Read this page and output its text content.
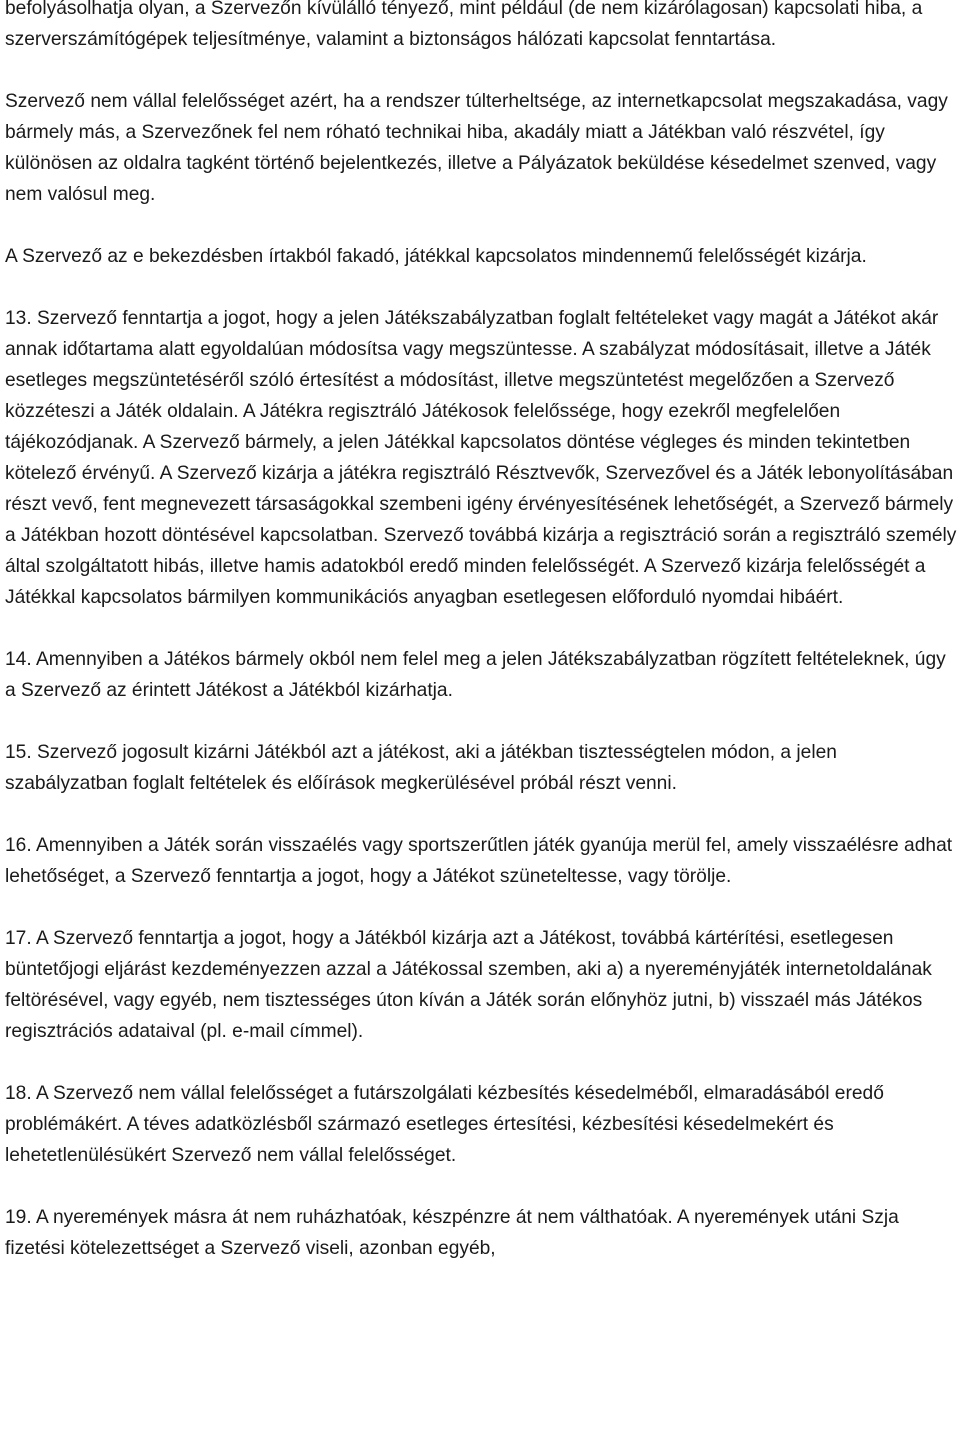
befolyásolhatja olyan, a Szervezőn kívülálló tényező, mint például (de nem kizárólagosan) kapcsolati hiba, a szerverszámítógépek teljesítménye, valamint a biztonságos hálózati kapcsolat fenntartása.

Szervező nem vállal felelősséget azért, ha a rendszer túlterheltsége, az internetkapcsolat megszakadása, vagy bármely más, a Szervezőnek fel nem róható technikai hiba, akadály miatt a Játékban való részvétel, így különösen az oldalra tagként történő bejelentkezés, illetve a Pályázatok beküldése késedelmet szenved, vagy nem valósul meg.

A Szervező az e bekezdésben írtakból fakadó, játékkal kapcsolatos mindennemű felelősségét kizárja.

13. Szervező fenntartja a jogot, hogy a jelen Játékszabályzatban foglalt feltételeket vagy magát a Játékot akár annak időtartama alatt egyoldalúan módosítsa vagy megszüntesse. A szabályzat módosításait, illetve a Játék esetleges megszüntetéséről szóló értesítést a módosítást, illetve megszüntetést megelőzően a Szervező közzéteszi a Játék oldalain. A Játékra regisztráló Játékosok felelőssége, hogy ezekről megfelelően tájékozódjanak. A Szervező bármely, a jelen Játékkal kapcsolatos döntése végleges és minden tekintetben kötelező érvényű. A Szervező kizárja a játékra regisztráló Résztvevők, Szervezővel és a Játék lebonyolításában részt vevő, fent megnevezett társaságokkal szembeni igény érvényesítésének lehetőségét, a Szervező bármely a Játékban hozott döntésével kapcsolatban. Szervező továbbá kizárja a regisztráció során a regisztráló személy által szolgáltatott hibás, illetve hamis adatokból eredő minden felelősségét. A Szervező kizárja felelősségét a Játékkal kapcsolatos bármilyen kommunikációs anyagban esetlegesen előforduló nyomdai hibáért.

14. Amennyiben a Játékos bármely okból nem felel meg a jelen Játékszabályzatban rögzített feltételeknek, úgy a Szervező az érintett Játékost a Játékból kizárhatja.

15. Szervező jogosult kizárni Játékból azt a játékost, aki a játékban tisztességtelen módon, a jelen szabályzatban foglalt feltételek és előírások megkerülésével próbál részt venni.

16. Amennyiben a Játék során visszaélés vagy sportszerűtlen játék gyanúja merül fel, amely visszaélésre adhat lehetőséget, a Szervező fenntartja a jogot, hogy a Játékot szüneteltesse, vagy törölje.

17. A Szervező fenntartja a jogot, hogy a Játékból kizárja azt a Játékost, továbbá kártérítési, esetlegesen büntetőjogi eljárást kezdeményezzen azzal a Játékossal szemben, aki a) a nyereményjáték internetoldalának feltörésével, vagy egyéb, nem tisztességes úton kíván a Játék során előnyhöz jutni, b) visszaél más Játékos regisztrációs adataival (pl. e-mail címmel).

18. A Szervező nem vállal felelősséget a futárszolgálati kézbesítés késedelméből, elmaradásából eredő problémákért. A téves adatközlésből származó esetleges értesítési, kézbesítési késedelmekért és lehetetlenülésükért Szervező nem vállal felelősséget.

19. A nyeremények másra át nem ruházhatóak, készpénzre át nem válthatóak. A nyeremények utáni Szja fizetési kötelezettséget a Szervező viseli, azonban egyéb,
